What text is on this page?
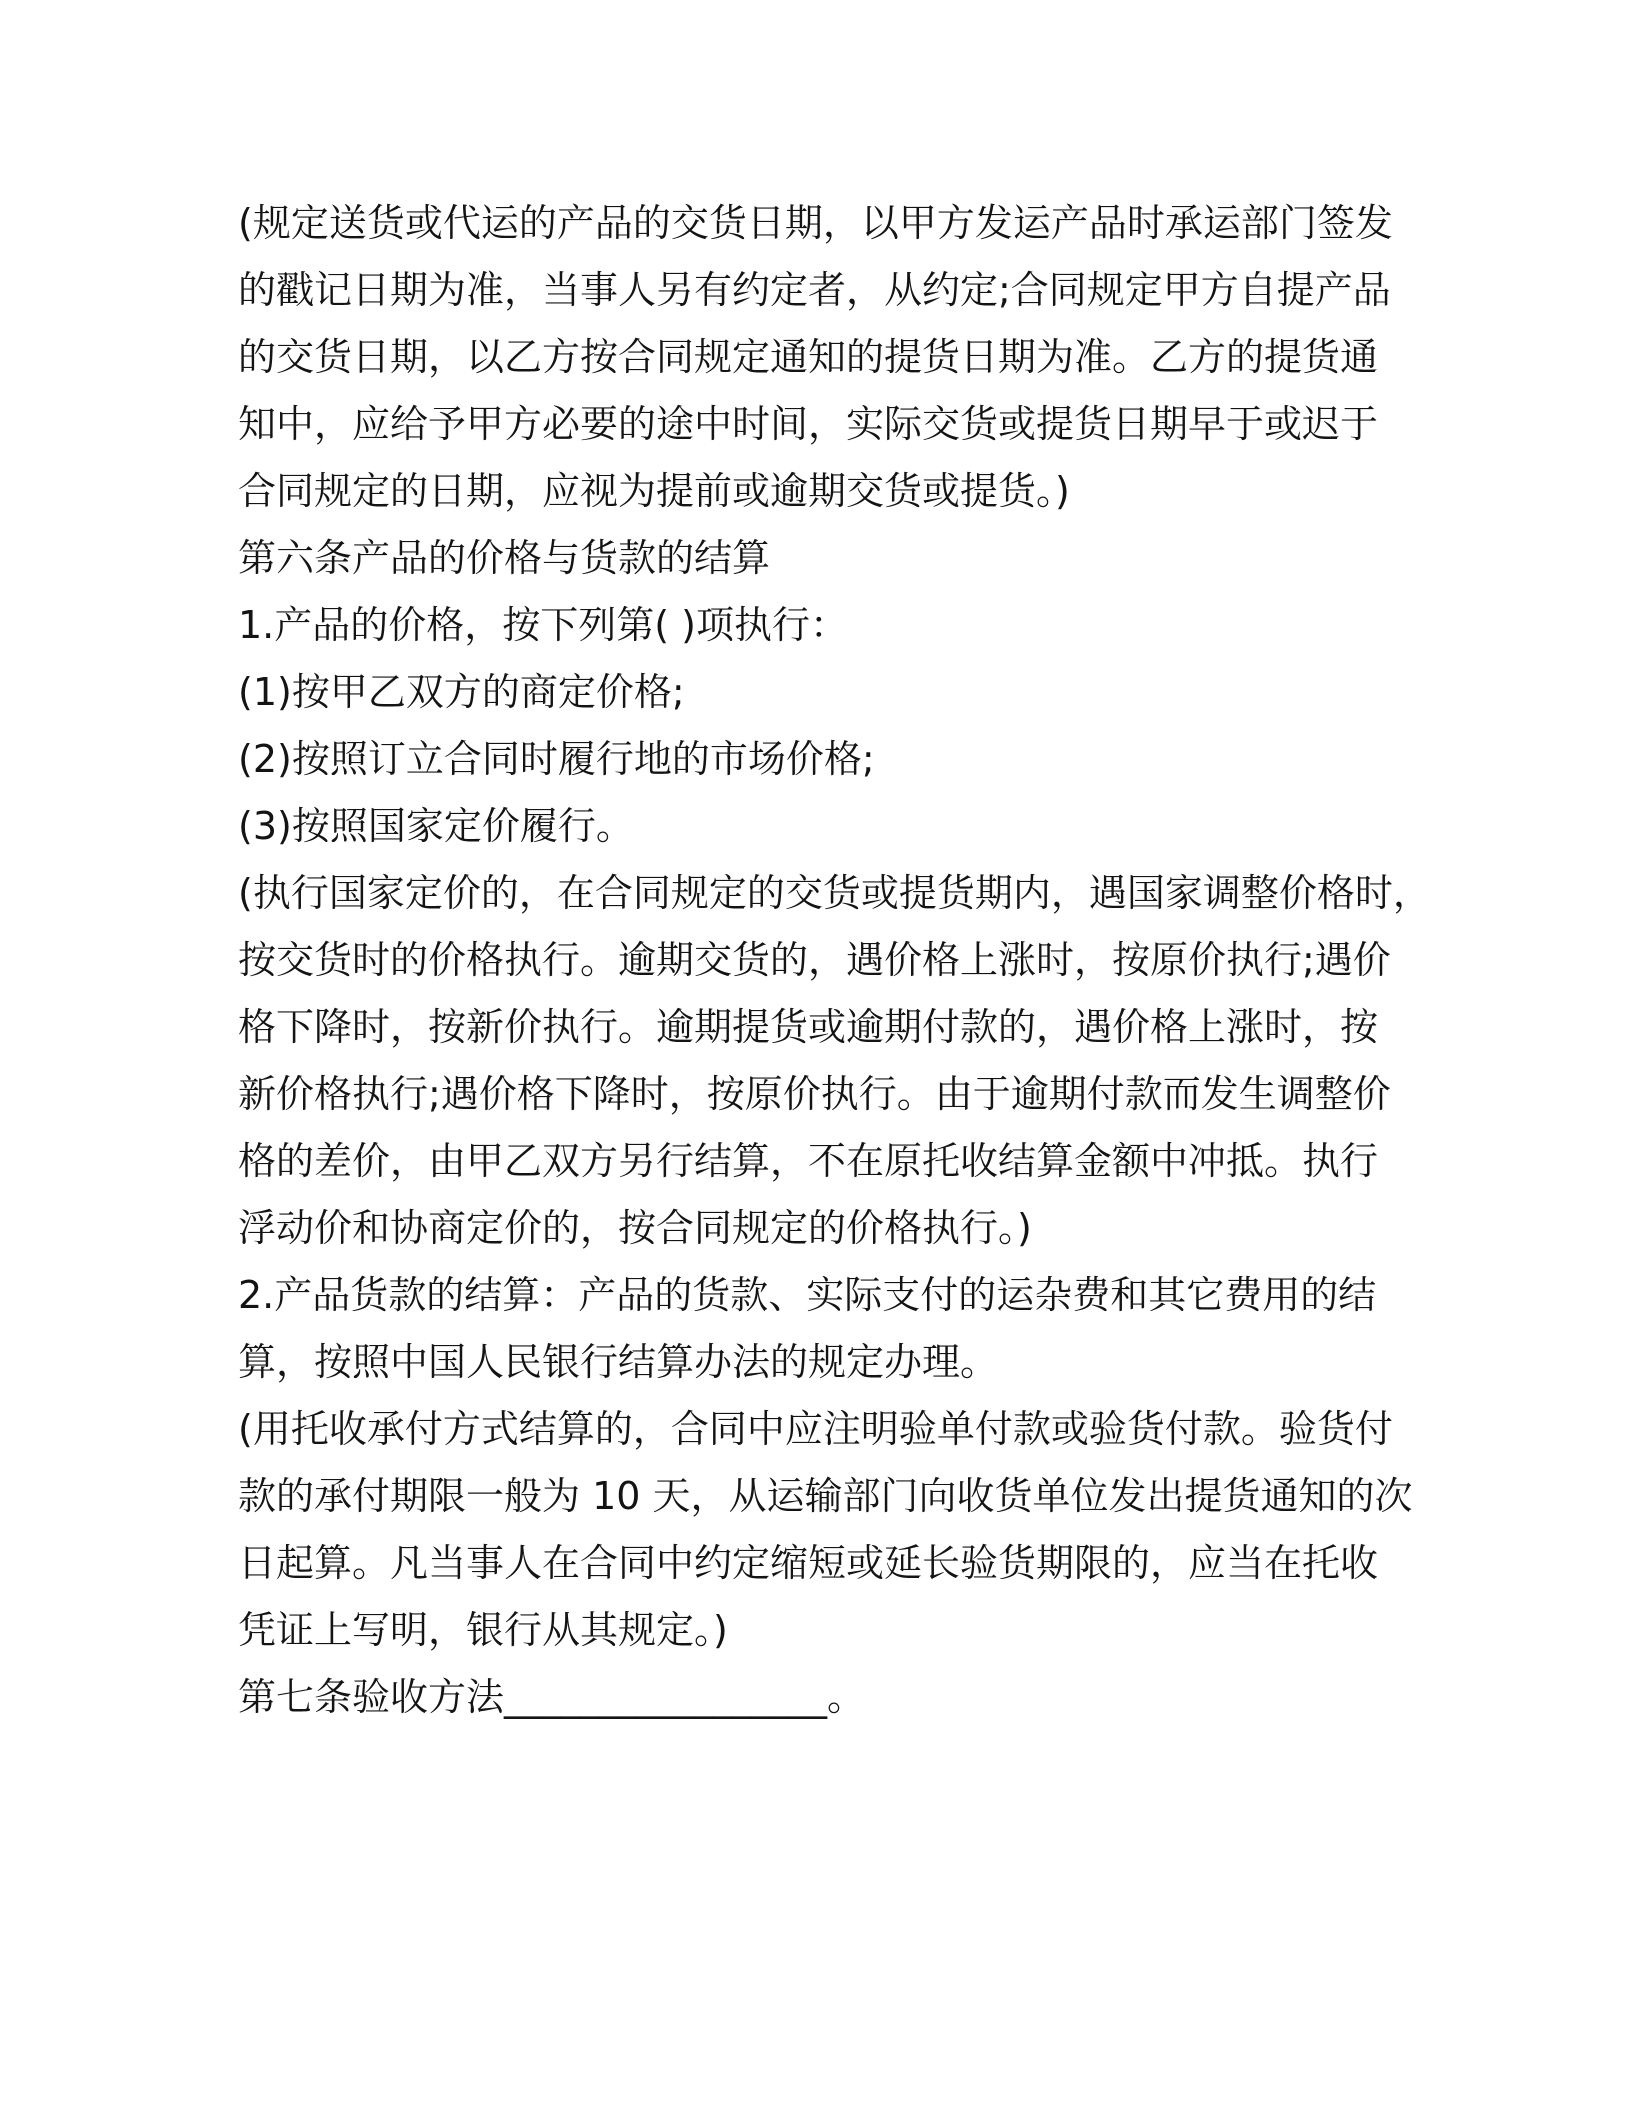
(规定送货或代运的产品的交货日期，以甲方发运产品时承运部门签发
的戳记日期为准，当事人另有约定者，从约定;合同规定甲方自提产品
的交货日期，以乙方按合同规定通知的提货日期为准。乙方的提货通
知中，应给予甲方必要的途中时间，实际交货或提货日期早于或迟于
合同规定的日期，应视为提前或逾期交货或提货。)
第六条产品的价格与货款的结算
1.产品的价格，按下列第( )项执行：
(1)按甲乙双方的商定价格;
(2)按照订立合同时履行地的市场价格;
(3)按照国家定价履行。
(执行国家定价的，在合同规定的交货或提货期内，遇国家调整价格时，
按交货时的价格执行。逾期交货的，遇价格上涨时，按原价执行;遇价
格下降时，按新价执行。逾期提货或逾期付款的，遇价格上涨时，按
新价格执行;遇价格下降时，按原价执行。由于逾期付款而发生调整价
格的差价，由甲乙双方另行结算，不在原托收结算金额中冲抵。执行
浮动价和协商定价的，按合同规定的价格执行。)
2.产品货款的结算：产品的货款、实际支付的运杂费和其它费用的结
算，按照中国人民银行结算办法的规定办理。
(用托收承付方式结算的，合同中应注明验单付款或验货付款。验货付
款的承付期限一般为 10 天，从运输部门向收货单位发出提货通知的次
日起算。凡当事人在合同中约定缩短或延长验货期限的，应当在托收
凭证上写明，银行从其规定。)
第七条验收方法_________________。
